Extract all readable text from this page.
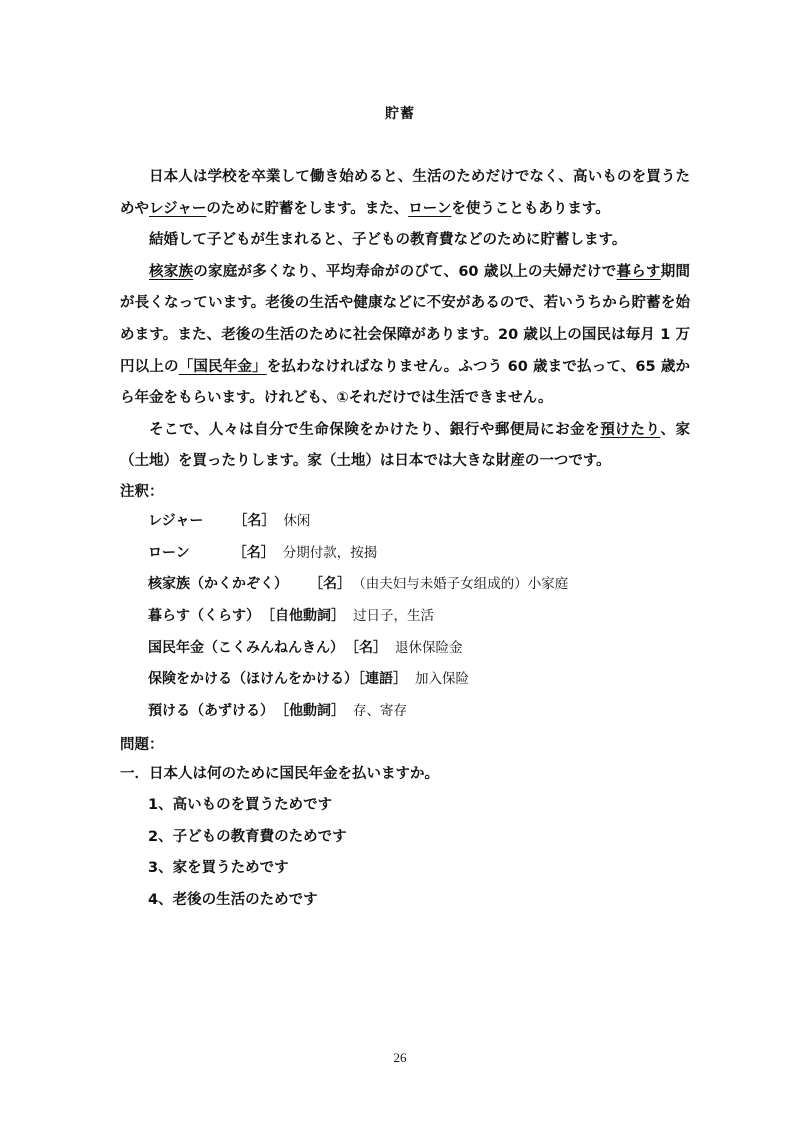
貯蓄

日本人は学校を卒業して働き始めると、生活のためだけでなく、高いものを買うためやレジャーのために貯蓄をします。また、ローンを使うこともあります。

結婚して子どもが生まれると、子どもの教育費などのために貯蓄します。

核家族の家庭が多くなり、平均寿命がのびて、60 歳以上の夫婦だけで暮らす期間が長くなっています。老後の生活や健康などに不安があるので、若いうちから貯蓄を始めます。また、老後の生活のために社会保障があります。20 歳以上の国民は毎月 1 万円以上の「国民年金」を払わなければなりません。ふつう 60 歳まで払って、65 歳から年金をもらいます。けれども、①それだけでは生活できません。

そこで、人々は自分で生命保険をかけたり、銀行や郵便局にお金を預けたり、家（土地）を買ったりします。家（土地）は日本では大きな財産の一つです。

注釈：
レジャー ［名］ 休闲
ローン	［名］ 分期付款，按揭
核家族（かくかぞく） ［名］ （由夫妇与未婚子女组成的）小家庭
暮らす（くらす） ［自他動詞］ 过日子，生活
国民年金（こくみんねんきん） ［名］ 退休保险金
保険をかける（ほけんをかける）［連語］ 加入保险
預ける（あずける） ［他動詞］ 存、寄存
問題：
一．日本人は何のために国民年金を払いますか。
1、高いものを買うためです
2、子どもの教育費のためです
3、家を買うためです
4、老後の生活のためです
26
